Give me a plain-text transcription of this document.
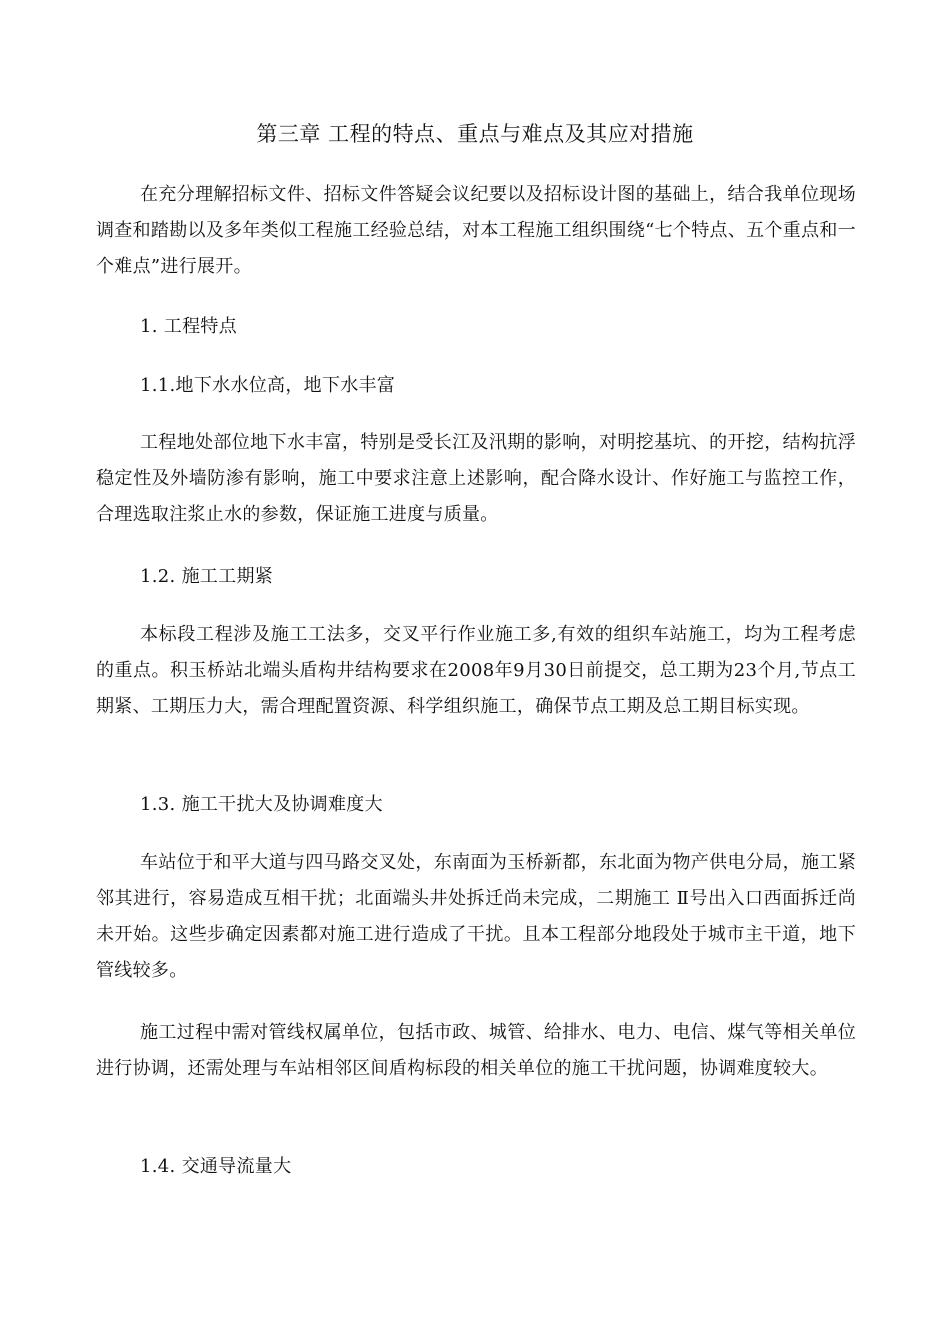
第三章 工程的特点、重点与难点及其应对措施
在充分理解招标文件、招标文件答疑会议纪要以及招标设计图的基础上，结合我单位现场调查和踏勘以及多年类似工程施工经验总结，对本工程施工组织围绕“七个特点、五个重点和一个难点”进行展开。
1. 工程特点
1.1.地下水水位高，地下水丰富
工程地处部位地下水丰富，特别是受长江及汛期的影响，对明挖基坑、的开挖，结构抗浮稳定性及外墙防渗有影响，施工中要求注意上述影响，配合降水设计、作好施工与监控工作，合理选取注浆止水的参数，保证施工进度与质量。
1.2. 施工工期紧
本标段工程涉及施工工法多，交叉平行作业施工多,有效的组织车站施工，均为工程考虑的重点。积玉桥站北端头盾构井结构要求在2008年9月30日前提交，总工期为23个月,节点工期紧、工期压力大，需合理配置资源、科学组织施工，确保节点工期及总工期目标实现。
1.3. 施工干扰大及协调难度大
车站位于和平大道与四马路交叉处，东南面为玉桥新都，东北面为物产供电分局，施工紧邻其进行，容易造成互相干扰；北面端头井处拆迁尚未完成，二期施工 Ⅱ号出入口西面拆迁尚未开始。这些步确定因素都对施工进行造成了干扰。且本工程部分地段处于城市主干道，地下管线较多。
施工过程中需对管线权属单位，包括市政、城管、给排水、电力、电信、煤气等相关单位进行协调，还需处理与车站相邻区间盾构标段的相关单位的施工干扰问题，协调难度较大。
1.4. 交通导流量大
